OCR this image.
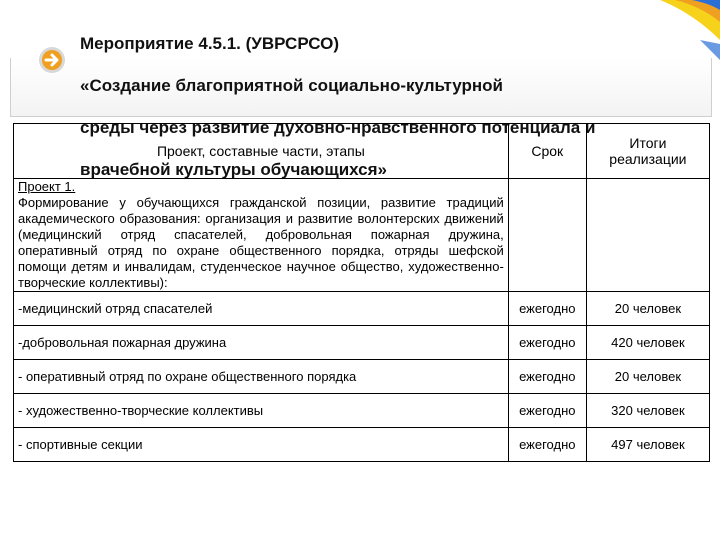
Мероприятие 4.5.1. (УВРСРСО)

«Создание благоприятной социально-культурной

среды через развитие духовно-нравственного потенциала и

врачебной культуры обучающихся»

Проект, составные части, этапы	Срок	Итоги реализации

Проект 1.
Формирование у обучающихся гражданской позиции, развитие традиций академического образования: организация и развитие волонтерских движений (медицинский отряд спасателей, добровольная пожарная дружина, оперативный отряд по охране общественного порядка, отряды шефской помощи детям и инвалидам, студенческое научное общество, художественно-творческие коллективы):		

-медицинский отряд спасателей	ежегодно	20 человек
-добровольная пожарная дружина	ежегодно	420 человек
- оперативный отряд по охране общественного порядка	ежегодно	20 человек
- художественно-творческие коллективы	ежегодно	320 человек
- спортивные секции	ежегодно	497 человек
